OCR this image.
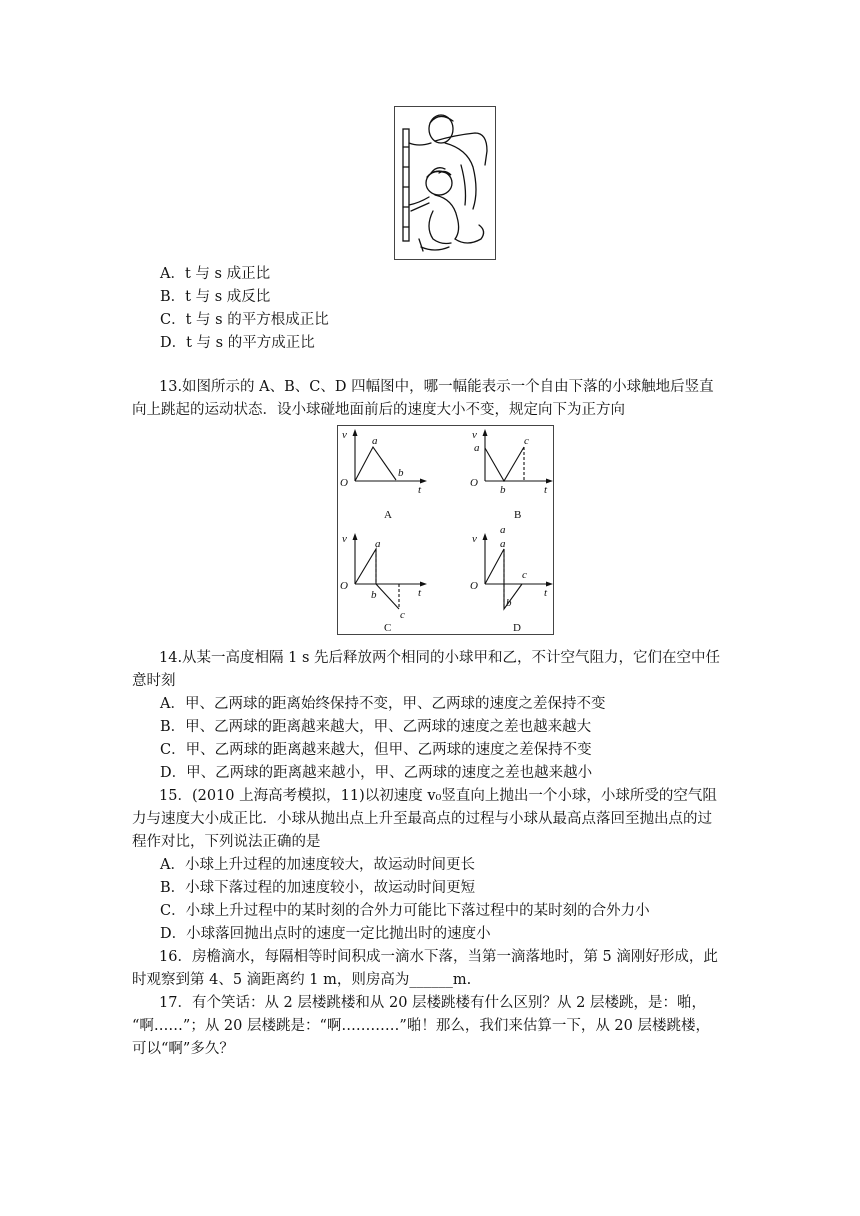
A．t 与 s 成正比
B．t 与 s 成反比
C．t 与 s 的平方根成正比
D．t 与 s 的平方成正比
13.如图所示的 A、B、C、D 四幅图中，哪一幅能表示一个自由下落的小球触地后竖直
向上跳起的运动状态．设小球碰地面前后的速度大小不变，规定向下为正方向
v
O
a
b
t
A
v
O
a
b
c
t
B
v
O
a
b
c
t
C
v
O
a
a
b
c
t
D
14.从某一高度相隔 1 s 先后释放两个相同的小球甲和乙，不计空气阻力，它们在空中任
意时刻
A．甲、乙两球的距离始终保持不变，甲、乙两球的速度之差保持不变
B．甲、乙两球的距离越来越大，甲、乙两球的速度之差也越来越大
C．甲、乙两球的距离越来越大，但甲、乙两球的速度之差保持不变
D．甲、乙两球的距离越来越小，甲、乙两球的速度之差也越来越小
15．(2010 上海高考模拟，11)以初速度 v₀竖直向上抛出一个小球，小球所受的空气阻
力与速度大小成正比．小球从抛出点上升至最高点的过程与小球从最高点落回至抛出点的过
程作对比，下列说法正确的是
A．小球上升过程的加速度较大，故运动时间更长
B．小球下落过程的加速度较小，故运动时间更短
C．小球上升过程中的某时刻的合外力可能比下落过程中的某时刻的合外力小
D．小球落回抛出点时的速度一定比抛出时的速度小
16．房檐滴水，每隔相等时间积成一滴水下落，当第一滴落地时，第 5 滴刚好形成，此
时观察到第 4、5 滴距离约 1 m，则房高为______m.
17．有个笑话：从 2 层楼跳楼和从 20 层楼跳楼有什么区别？从 2 层楼跳，是：啪，
“啊……”；从 20 层楼跳是：“啊…………”啪！那么，我们来估算一下，从 20 层楼跳楼，
可以“啊”多久？
